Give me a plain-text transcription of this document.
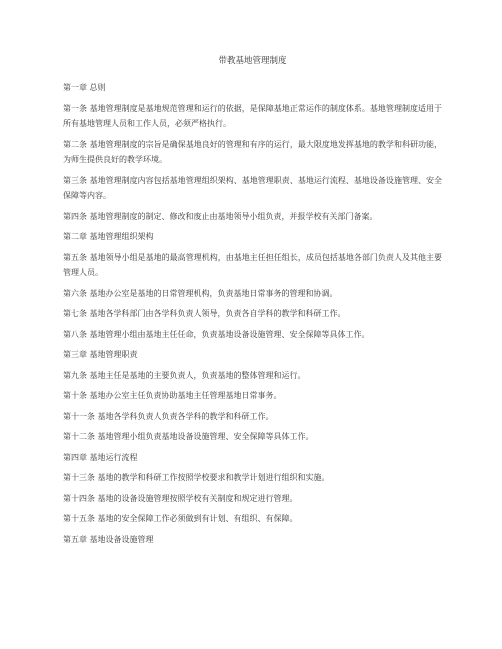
带教基地管理制度
第一章 总则
第一条 基地管理制度是基地规范管理和运行的依据，是保障基地正常运作的制度体系。基地管理制度适用于所有基地管理人员和工作人员，必须严格执行。
第二条 基地管理制度的宗旨是确保基地良好的管理和有序的运行，最大限度地发挥基地的教学和科研功能，为师生提供良好的教学环境。
第三条 基地管理制度内容包括基地管理组织架构、基地管理职责、基地运行流程、基地设备设施管理、安全保障等内容。
第四条 基地管理制度的制定、修改和废止由基地领导小组负责，并报学校有关部门备案。
第二章 基地管理组织架构
第五条 基地领导小组是基地的最高管理机构，由基地主任担任组长，成员包括基地各部门负责人及其他主要管理人员。
第六条 基地办公室是基地的日常管理机构，负责基地日常事务的管理和协调。
第七条 基地各学科部门由各学科负责人领导，负责各自学科的教学和科研工作。
第八条 基地管理小组由基地主任任命，负责基地设备设施管理、安全保障等具体工作。
第三章 基地管理职责
第九条 基地主任是基地的主要负责人，负责基地的整体管理和运行。
第十条 基地办公室主任负责协助基地主任管理基地日常事务。
第十一条 基地各学科负责人负责各学科的教学和科研工作。
第十二条 基地管理小组负责基地设备设施管理、安全保障等具体工作。
第四章 基地运行流程
第十三条 基地的教学和科研工作按照学校要求和教学计划进行组织和实施。
第十四条 基地的设备设施管理按照学校有关制度和规定进行管理。
第十五条 基地的安全保障工作必须做到有计划、有组织、有保障。
第五章 基地设备设施管理
